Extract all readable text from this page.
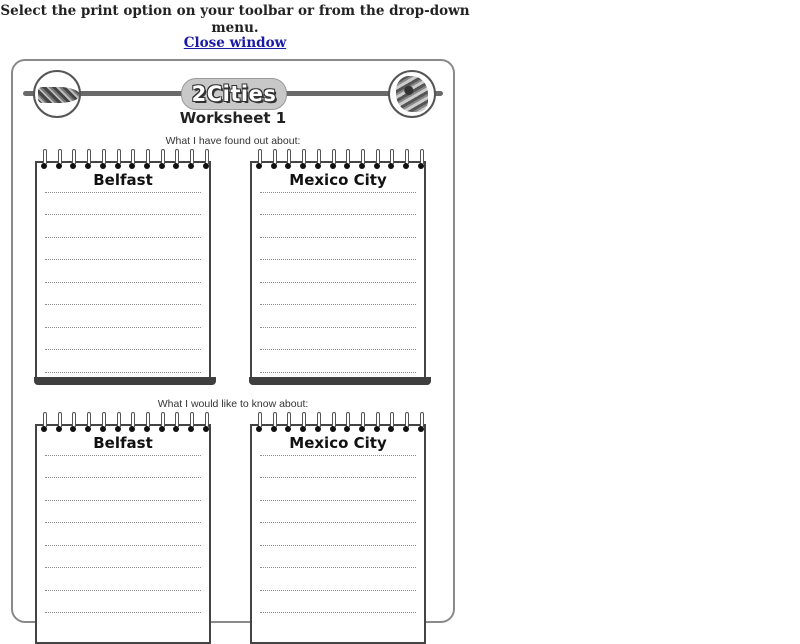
Select the print option on your toolbar or from the drop-down menu.
Close window
2Cities
Worksheet 1
What I have found out about:
Belfast	Mexico City
What I would like to know about:
Belfast	Mexico City
